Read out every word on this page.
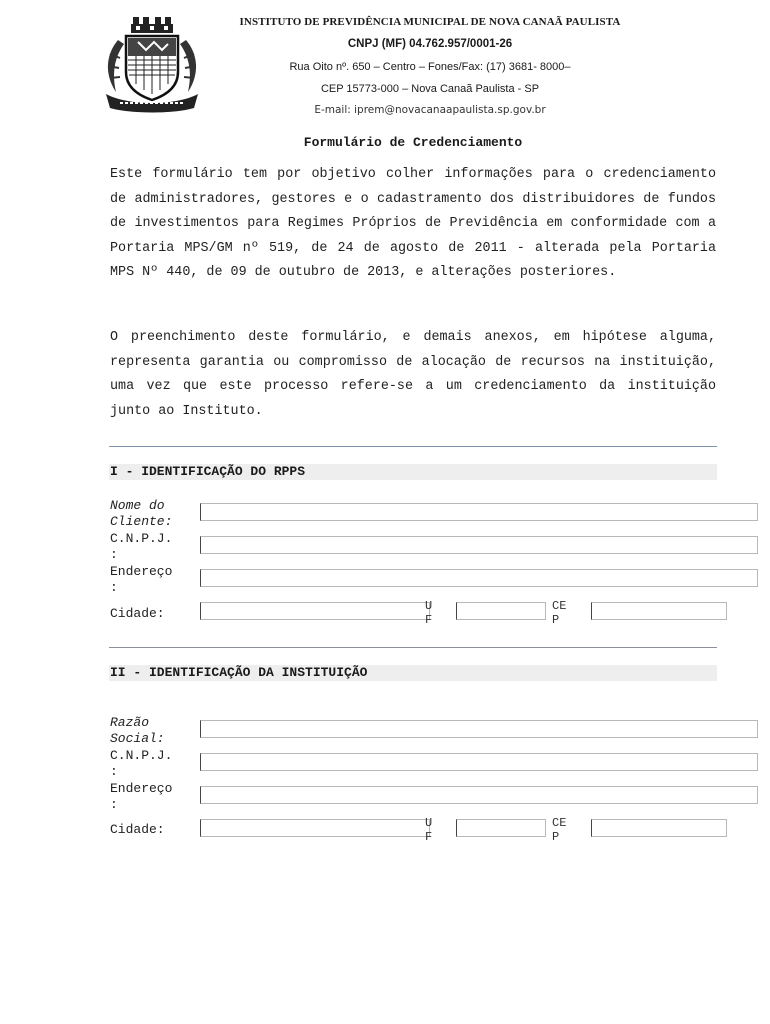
INSTITUTO DE PREVIDÊNCIA MUNICIPAL DE NOVA CANAÃ PAULISTA
CNPJ (MF) 04.762.957/0001-26
Rua Oito nº. 650 – Centro – Fones/Fax: (17) 3681- 8000–
CEP 15773-000 – Nova Canaã Paulista - SP
E-mail: iprem@novacanaapaulista.sp.gov.br
Formulário de Credenciamento

Este formulário tem por objetivo colher informações para o credenciamento de administradores, gestores e o cadastramento dos distribuidores de fundos de investimentos para Regimes Próprios de Previdência em conformidade com a Portaria MPS/GM nº 519, de 24 de agosto de 2011 - alterada pela Portaria MPS Nº 440, de 09 de outubro de 2013, e alterações posteriores.

O preenchimento deste formulário, e demais anexos, em hipótese alguma, representa garantia ou compromisso de alocação de recursos na instituição, uma vez que este processo refere-se a um credenciamento da instituição junto ao Instituto.

I - IDENTIFICAÇÃO DO RPPS
Nome do
Cliente:
C.N.P.J.
:
Endereço
:
Cidade:	U
F
CE
P
II - IDENTIFICAÇÃO DA INSTITUIÇÃO
Razão
Social:
C.N.P.J.
:
Endereço
:
Cidade:	U
F
CE
P
